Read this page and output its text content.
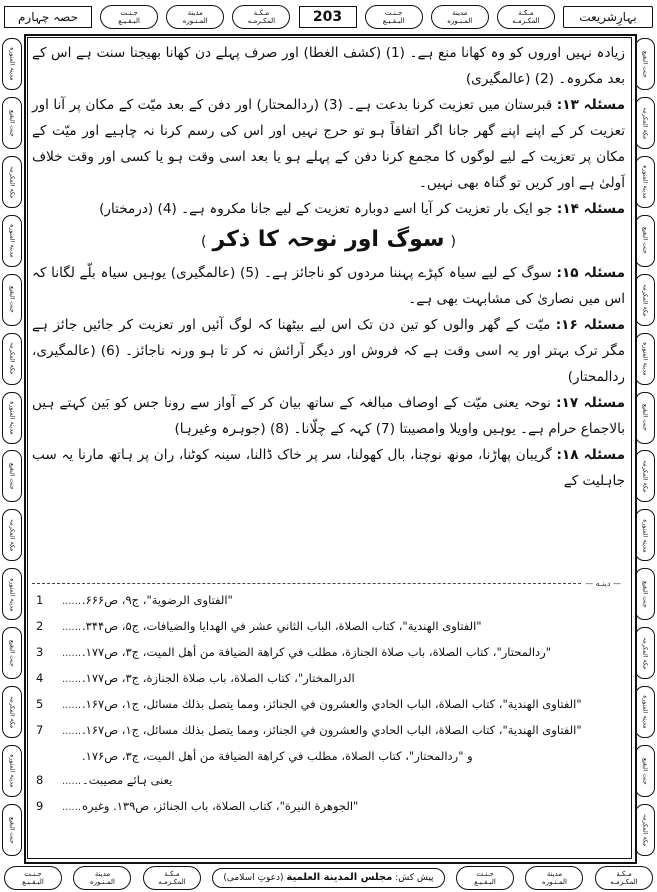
بہارِشریعت
مـكـة
المكـرمـه
مدينة
المـنـوره
جـنـت
البـقـيـع
203
مـكـة
المكـرمـه
مدينة
المـنـوره
جـنـت
البـقـيـع
حصہ چہارم
جنت البقیع
مکۃ المکرمہ
مدینۃ المنورہ
جنت البقیع
مکۃ المکرمہ
مدینۃ المنورہ
جنت البقیع
مکۃ المکرمہ
مدینۃ المنورہ
جنت البقیع
مکۃ المکرمہ
مدینۃ المنورہ
جنت البقیع
مکۃ المکرمہ
مدینۃ المنورہ
جنت البقیع
مکۃ المکرمہ
مدینۃ المنورہ
جنت البقیع
مکۃ المکرمہ
مدینۃ المنورہ
جنت البقیع
مکۃ المکرمہ
مدینۃ المنورہ
جنت البقیع
مکۃ المکرمہ
مدینۃ المنورہ
جنت البقیع

زیادہ نہیں اوروں کو وہ کھانا منع ہے۔ (1) (کشف الغطا) اور صرف پہلے دن کھانا بھیجنا سنت ہے اس کے بعد مکروہ۔ (2) (عالمگیری)

مسئلہ ۱۳: قبرستان میں تعزیت کرنا بدعت ہے۔ (3) (ردالمحتار) اور دفن کے بعد میّت کے مکان پر آنا اور تعزیت کر کے اپنے اپنے گھر جانا اگر اتفاقاً ہو تو حرج نہیں اور اس کی رسم کرنا نہ چاہیے اور میّت کے مکان پر تعزیت کے لیے لوگوں کا مجمع کرنا دفن کے پہلے ہو یا بعد اسی وقت ہو یا کسی اور وقت خلاف اَولیٰ ہے اور کریں تو گناہ بھی نہیں۔

مسئلہ ۱۴: جو ایک بار تعزیت کر آیا اسے دوبارہ تعزیت کے لیے جانا مکروہ ہے۔ (4) (درمختار)

(سوگ اور نوحہ کا ذکر)

مسئلہ ۱۵: سوگ کے لیے سیاہ کپڑے پہننا مردوں کو ناجائز ہے۔ (5) (عالمگیری) یوہیں سیاہ بلّے لگانا کہ اس میں نصاریٰ کی مشابہت بھی ہے۔

مسئلہ ۱۶: میّت کے گھر والوں کو تین دن تک اس لیے بیٹھنا کہ لوگ آئیں اور تعزیت کر جائیں جائز ہے مگر ترک بہتر اور یہ اسی وقت ہے کہ فروش اور دیگر آرائش نہ کر تا ہو ورنہ ناجائز۔ (6) (عالمگیری، ردالمحتار)

مسئلہ ۱۷: نوحہ یعنی میّت کے اوصاف مبالغہ کے ساتھ بیان کر کے آواز سے رونا جس کو بَین کہتے ہیں بالاجماع حرام ہے۔ یوہیں واویلا وامصیبتا (7) کہہ کے چلّانا۔ (8) (جوہرہ وغیرہا)

مسئلہ ۱۸: گریبان پھاڑنا، مونھ نوچنا، بال کھولنا، سر پر خاک ڈالنا، سینہ کوٹنا، ران پر ہاتھ مارنا یہ سب جاہلیت کے

— دينـه —
1	...... "الفتاوى الرضوية"، ج۹، ص۶۶۶.
2	...... "الفتاوى الهندية"، كتاب الصلاة، الباب الثاني عشر في الهدايا والضيافات، ج۵، ص۳۴۴.
3	...... "ردالمحتار"، كتاب الصلاة، باب صلاة الجنازة، مطلب في كراهة الضيافة من أهل الميت، ج۳، ص۱۷۷.
4	...... الدرالمختار"، كتاب الصلاة، باب صلاة الجنازة، ج۳، ص۱۷۷.
5	...... "الفتاوى الهندية"، كتاب الصلاة، الباب الحادي والعشرون في الجنائز، ومما يتصل بذلك مسائل، ج۱، ص۱۶۷.
7	...... "الفتاوى الهندية"، كتاب الصلاة، الباب الحادي والعشرون في الجنائز، ومما يتصل بذلك مسائل، ج۱، ص۱۶۷.
و "ردالمحتار"، كتاب الصلاة، مطلب في كراهة الضيافة من أهل الميت، ج۳، ص۱۷۶.
8	...... یعنی ہائے مصیبت۔
9	...... "الجوهرة النيرة"، كتاب الصلاة، باب الجنائز، ص۱۳۹. وغيره
مـكـة
المكـرمـه
مدينة
المـنـوره
جـنـت
البـقـيـع
پیش کش: مجلس المدينة العلمية (دعوتِ اسلامی)
مـكـة
المكـرمـه
مدينة
المـنـوره
جـنـت
البـقـيـع
